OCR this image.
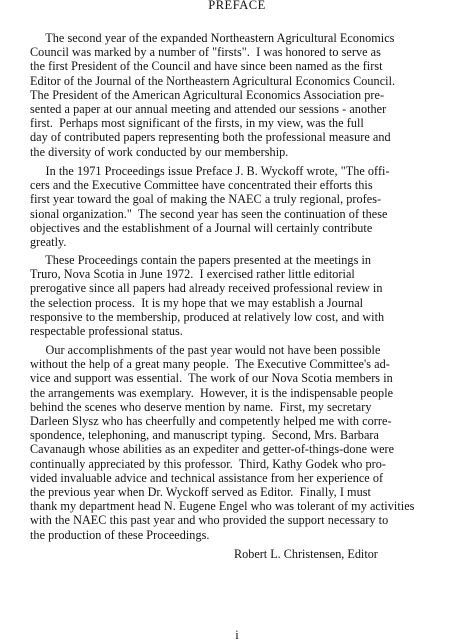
PREFACE
The second year of the expanded Northeastern Agricultural Economics
Council was marked by a number of "firsts".  I was honored to serve as
the first President of the Council and have since been named as the first
Editor of the Journal of the Northeastern Agricultural Economics Council.
The President of the American Agricultural Economics Association pre-
sented a paper at our annual meeting and attended our sessions - another
first.  Perhaps most significant of the firsts, in my view, was the full
day of contributed papers representing both the professional measure and
the diversity of work conducted by our membership.
In the 1971 Proceedings issue Preface J. B. Wyckoff wrote, "The offi-
cers and the Executive Committee have concentrated their efforts this
first year toward the goal of making the NAEC a truly regional, profes-
sional organization."  The second year has seen the continuation of these
objectives and the establishment of a Journal will certainly contribute
greatly.
These Proceedings contain the papers presented at the meetings in
Truro, Nova Scotia in June 1972.  I exercised rather little editorial
prerogative since all papers had already received professional review in
the selection process.  It is my hope that we may establish a Journal
responsive to the membership, produced at relatively low cost, and with
respectable professional status.
Our accomplishments of the past year would not have been possible
without the help of a great many people.  The Executive Committee's ad-
vice and support was essential.  The work of our Nova Scotia members in
the arrangements was exemplary.  However, it is the indispensable people
behind the scenes who deserve mention by name.  First, my secretary
Darleen Slysz who has cheerfully and competently helped me with corre-
spondence, telephoning, and manuscript typing.  Second, Mrs. Barbara
Cavanaugh whose abilities as an expediter and getter-of-things-done were
continually appreciated by this professor.  Third, Kathy Godek who pro-
vided invaluable advice and technical assistance from her experience of
the previous year when Dr. Wyckoff served as Editor.  Finally, I must
thank my department head N. Eugene Engel who was tolerant of my activities
with the NAEC this past year and who provided the support necessary to
the production of these Proceedings.
Robert L. Christensen, Editor
i
